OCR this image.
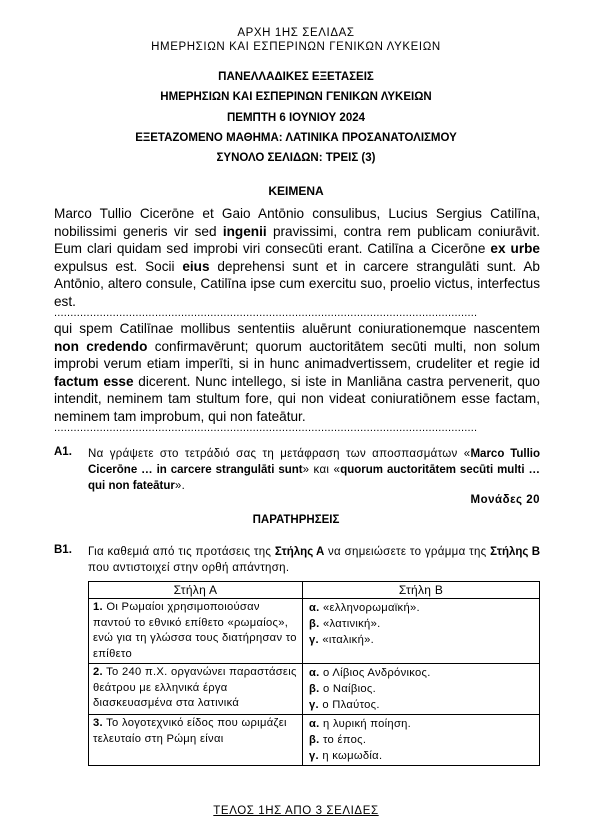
ΑΡΧΗ 1ΗΣ ΣΕΛΙΔΑΣ
ΗΜΕΡΗΣΙΩΝ ΚΑΙ ΕΣΠΕΡΙΝΩΝ ΓΕΝΙΚΩΝ ΛΥΚΕΙΩΝ
ΠΑΝΕΛΛΑΔΙΚΕΣ ΕΞΕΤΑΣΕΙΣ
ΗΜΕΡΗΣΙΩΝ ΚΑΙ ΕΣΠΕΡΙΝΩΝ ΓΕΝΙΚΩΝ ΛΥΚΕΙΩΝ
ΠΕΜΠΤΗ 6 ΙΟΥΝΙΟΥ 2024
ΕΞΕΤΑΖΟΜΕΝΟ ΜΑΘΗΜΑ: ΛΑΤΙΝΙΚΑ ΠΡΟΣΑΝΑΤΟΛΙΣΜΟΥ
ΣΥΝΟΛΟ ΣΕΛΙΔΩΝ: ΤΡΕΙΣ (3)
ΚΕΙΜΕΝΑ
Marco Tullio Cicerōne et Gaio Antōnio consulibus, Lucius Sergius Catilīna, nobilissimi generis vir sed ingenii pravissimi, contra rem publicam coniurāvit. Eum clari quidam sed improbi viri consecūti erant. Catilīna a Cicerōne ex urbe expulsus est. Socii eius deprehensi sunt et in carcere strangulāti sunt. Ab Antōnio, altero consule, Catilīna ipse cum exercitu suo, proelio victus, interfectus est.
..................................................................................................................................
qui spem Catilīnae mollibus sententiis aluērunt coniurationemque nascentem non credendo confirmavērunt; quorum auctoritātem secūti multi, non solum improbi verum etiam imperīti, si in hunc animadvertissem, crudeliter et regie id factum esse dicerent. Nunc intellego, si iste in Manliāna castra pervenerit, quo intendit, neminem tam stultum fore, qui non videat coniuratiōnem esse factam, neminem tam improbum, qui non fateātur.
..................................................................................................................................
A1. Να γράψετε στο τετράδιό σας τη μετάφραση των αποσπασμάτων «Marco Tullio Cicerōne … in carcere strangulāti sunt» και «quorum auctoritātem secūti multi … qui non fateātur».
Μονάδες 20
ΠΑΡΑΤΗΡΗΣΕΙΣ
B1. Για καθεμιά από τις προτάσεις της Στήλης Α να σημειώσετε το γράμμα της Στήλης Β που αντιστοιχεί στην ορθή απάντηση.
Στήλη Α	Στήλη Β
1. Οι Ρωμαίοι χρησιμοποιούσαν παντού το εθνικό επίθετο «ρωμαίος», ενώ για τη γλώσσα τους διατήρησαν το επίθετο	α. «ελληνορωμαϊκή».
β. «λατινική».
γ. «ιταλική».

2. Το 240 π.Χ. οργανώνει παραστάσεις θεάτρου με ελληνικά έργα διασκευασμένα στα λατινικά	α. ο Λίβιος Ανδρόνικος.
β. ο Ναίβιος.
γ. ο Πλαύτος.

3. Το λογοτεχνικό είδος που ωριμάζει τελευταίο στη Ρώμη είναι	α. η λυρική ποίηση.
β. το έπος.
γ. η κωμωδία.
ΤΕΛΟΣ 1ΗΣ ΑΠΟ 3 ΣΕΛΙΔΕΣ
